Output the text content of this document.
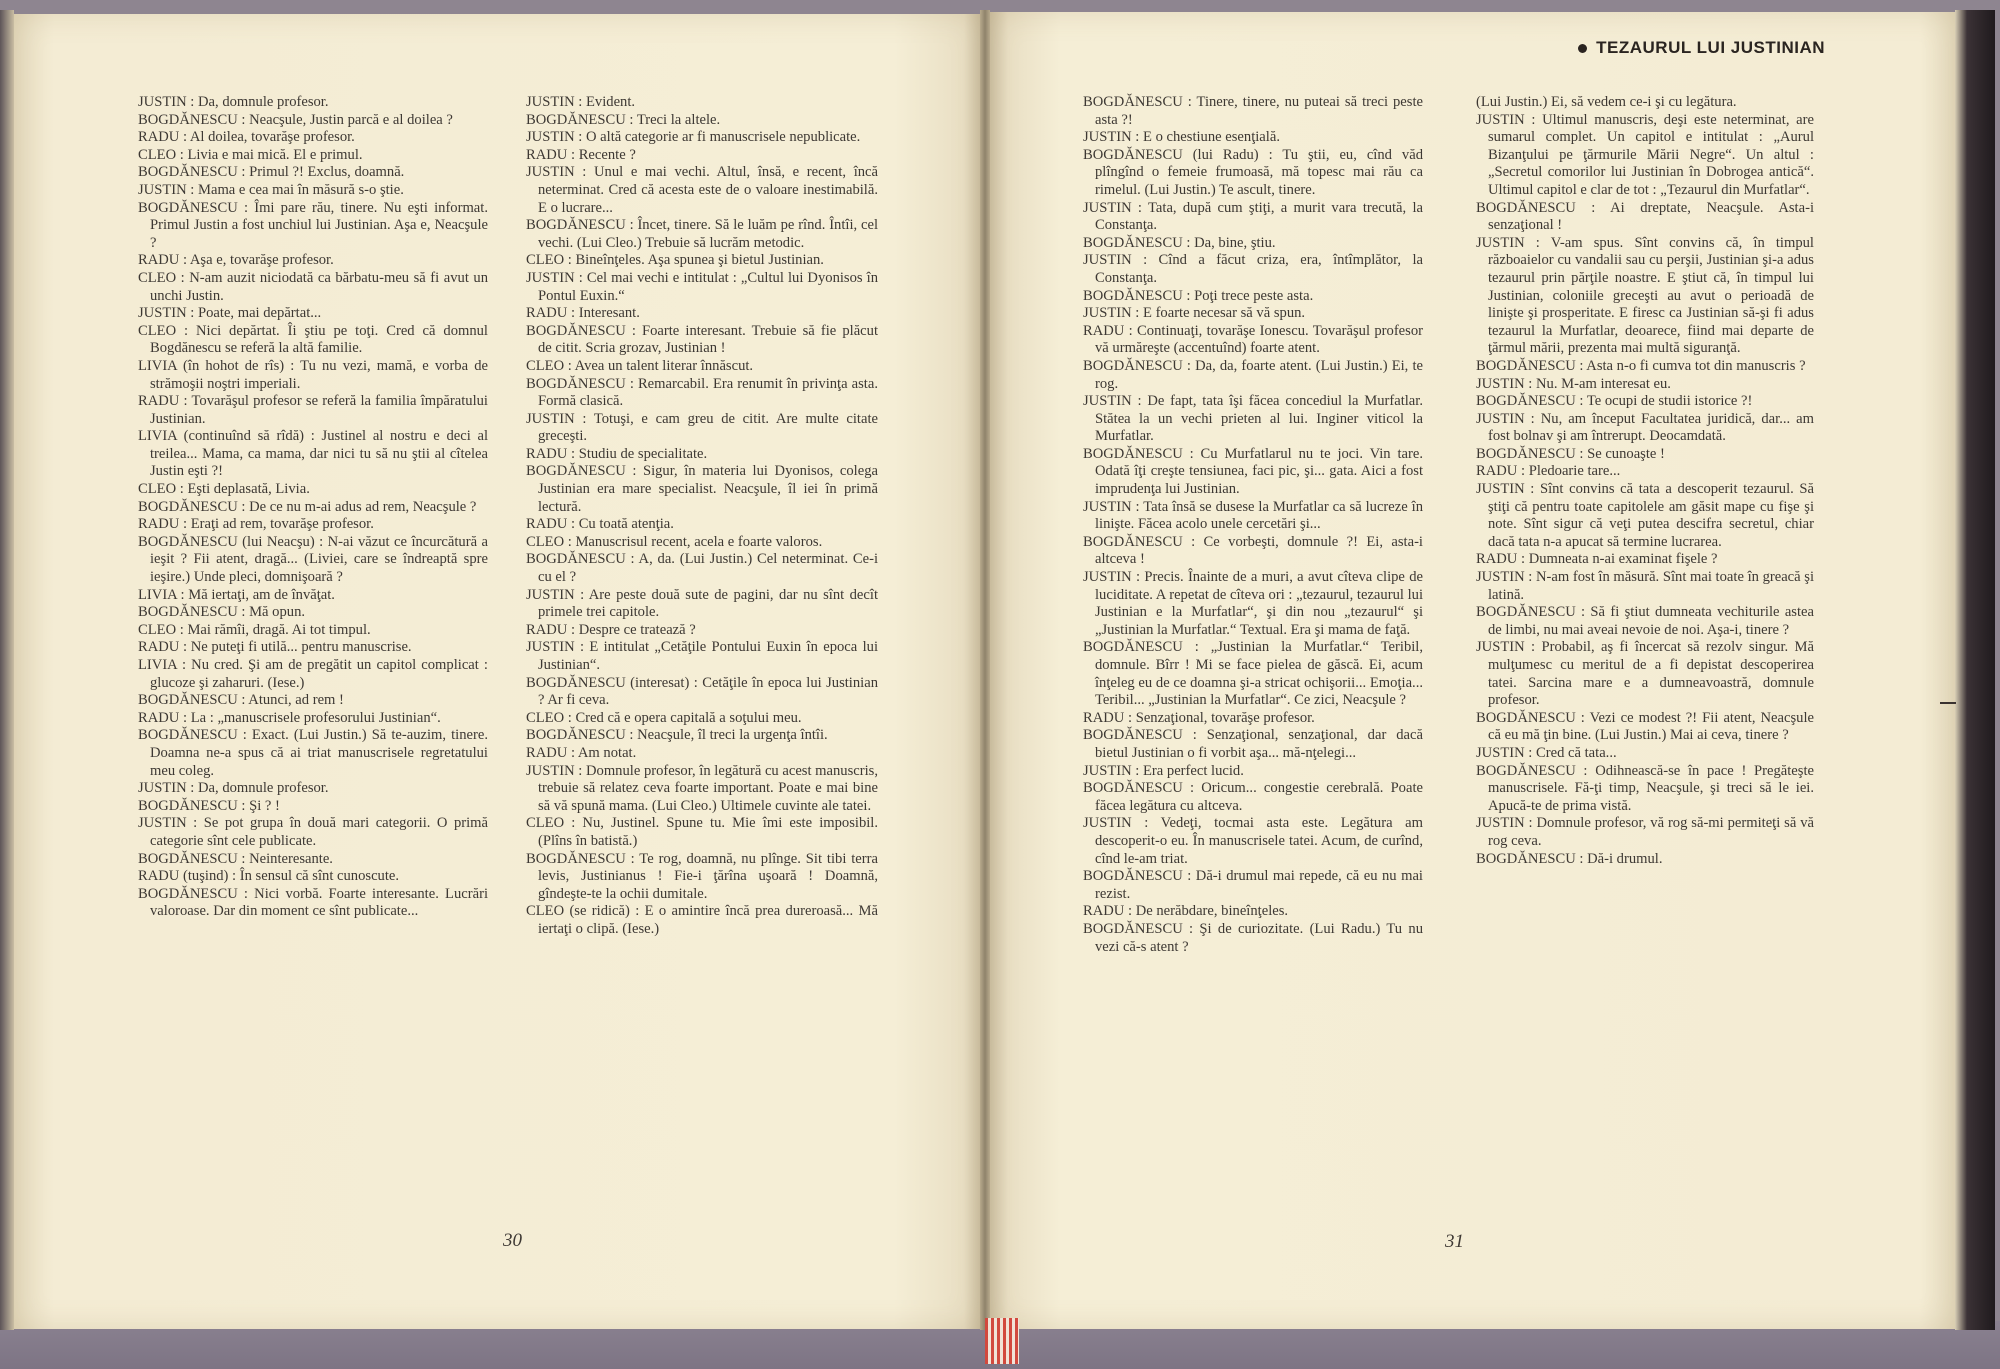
TEZAURUL LUI JUSTINIAN

JUSTIN : Da, domnule profesor.

BOGDĂNESCU : Neacşule, Justin parcă e al doilea ?

RADU : Al doilea, tovarăşe profesor.

CLEO : Livia e mai mică. El e primul.

BOGDĂNESCU : Primul ?! Exclus, doamnă.

JUSTIN : Mama e cea mai în măsură s-o ştie.

BOGDĂNESCU : Îmi pare rău, tinere. Nu eşti informat. Primul Justin a fost unchiul lui Justinian. Aşa e, Neacşule ?

RADU : Aşa e, tovarăşe profesor.

CLEO : N-am auzit niciodată ca bărbatu-meu să fi avut un unchi Justin.

JUSTIN : Poate, mai depărtat...

CLEO : Nici depărtat. Îi ştiu pe toţi. Cred că domnul Bogdănescu se referă la altă familie.

LIVIA (în hohot de rîs) : Tu nu vezi, mamă, e vorba de strămoşii noştri imperiali.

RADU : Tovarăşul profesor se referă la familia împăratului Justinian.

LIVIA (continuînd să rîdă) : Justinel al nostru e deci al treilea... Mama, ca mama, dar nici tu să nu ştii al cîtelea Justin eşti ?!

CLEO : Eşti deplasată, Livia.

BOGDĂNESCU : De ce nu m-ai adus ad rem, Neacşule ?

RADU : Eraţi ad rem, tovarăşe profesor.

BOGDĂNESCU (lui Neacşu) : N-ai văzut ce încurcătură a ieşit ? Fii atent, dragă... (Liviei, care se îndreaptă spre ieşire.) Unde pleci, domnişoară ?

LIVIA : Mă iertaţi, am de învăţat.

BOGDĂNESCU : Mă opun.

CLEO : Mai rămîi, dragă. Ai tot timpul.

RADU : Ne puteţi fi utilă... pentru manuscrise.

LIVIA : Nu cred. Şi am de pregătit un capitol complicat : glucoze şi zaharuri. (Iese.)

BOGDĂNESCU : Atunci, ad rem !

RADU : La : „manuscrisele profesorului Justinian“.

BOGDĂNESCU : Exact. (Lui Justin.) Să te-auzim, tinere. Doamna ne-a spus că ai triat manuscrisele regretatului meu coleg.

JUSTIN : Da, domnule profesor.

BOGDĂNESCU : Şi ? !

JUSTIN : Se pot grupa în două mari categorii. O primă categorie sînt cele publicate.

BOGDĂNESCU : Neinteresante.

RADU (tuşind) : În sensul că sînt cunoscute.

BOGDĂNESCU : Nici vorbă. Foarte interesante. Lucrări valoroase. Dar din moment ce sînt publicate...

JUSTIN : Evident.

BOGDĂNESCU : Treci la altele.

JUSTIN : O altă categorie ar fi manuscrisele nepublicate.

RADU : Recente ?

JUSTIN : Unul e mai vechi. Altul, însă, e recent, încă neterminat. Cred că acesta este de o valoare inestimabilă. E o lucrare...

BOGDĂNESCU : Încet, tinere. Să le luăm pe rînd. Întîi, cel vechi. (Lui Cleo.) Trebuie să lucrăm metodic.

CLEO : Bineînţeles. Aşa spunea şi bietul Justinian.

JUSTIN : Cel mai vechi e intitulat : „Cultul lui Dyonisos în Pontul Euxin.“

RADU : Interesant.

BOGDĂNESCU : Foarte interesant. Trebuie să fie plăcut de citit. Scria grozav, Justinian !

CLEO : Avea un talent literar înnăscut.

BOGDĂNESCU : Remarcabil. Era renumit în privinţa asta. Formă clasică.

JUSTIN : Totuşi, e cam greu de citit. Are multe citate greceşti.

RADU : Studiu de specialitate.

BOGDĂNESCU : Sigur, în materia lui Dyonisos, colega Justinian era mare specialist. Neacşule, îl iei în primă lectură.

RADU : Cu toată atenţia.

CLEO : Manuscrisul recent, acela e foarte valoros.

BOGDĂNESCU : A, da. (Lui Justin.) Cel neterminat. Ce-i cu el ?

JUSTIN : Are peste două sute de pagini, dar nu sînt decît primele trei capitole.

RADU : Despre ce tratează ?

JUSTIN : E intitulat „Cetăţile Pontului Euxin în epoca lui Justinian“.

BOGDĂNESCU (interesat) : Cetăţile în epoca lui Justinian ? Ar fi ceva.

CLEO : Cred că e opera capitală a soţului meu.

BOGDĂNESCU : Neacşule, îl treci la urgenţa întîi.

RADU : Am notat.

JUSTIN : Domnule profesor, în legătură cu acest manuscris, trebuie să relatez ceva foarte important. Poate e mai bine să vă spună mama. (Lui Cleo.) Ultimele cuvinte ale tatei.

CLEO : Nu, Justinel. Spune tu. Mie îmi este imposibil. (Plîns în batistă.)

BOGDĂNESCU : Te rog, doamnă, nu plînge. Sit tibi terra levis, Justinianus ! Fie-i ţărîna uşoară ! Doamnă, gîndeşte-te la ochii dumitale.

CLEO (se ridică) : E o amintire încă prea dureroasă... Mă iertaţi o clipă. (Iese.)

BOGDĂNESCU : Tinere, tinere, nu puteai să treci peste asta ?!

JUSTIN : E o chestiune esenţială.

BOGDĂNESCU (lui Radu) : Tu ştii, eu, cînd văd plîngînd o femeie frumoasă, mă topesc mai rău ca rimelul. (Lui Justin.) Te ascult, tinere.

JUSTIN : Tata, după cum ştiţi, a murit vara trecută, la Constanţa.

BOGDĂNESCU : Da, bine, ştiu.

JUSTIN : Cînd a făcut criza, era, întîmplător, la Constanţa.

BOGDĂNESCU : Poţi trece peste asta.

JUSTIN : E foarte necesar să vă spun.

RADU : Continuaţi, tovarăşe Ionescu. Tovarăşul profesor vă urmăreşte (accentuînd) foarte atent.

BOGDĂNESCU : Da, da, foarte atent. (Lui Justin.) Ei, te rog.

JUSTIN : De fapt, tata îşi făcea concediul la Murfatlar. Stătea la un vechi prieten al lui. Inginer viticol la Murfatlar.

BOGDĂNESCU : Cu Murfatlarul nu te joci. Vin tare. Odată îţi creşte tensiunea, faci pic, şi... gata. Aici a fost imprudenţa lui Justinian.

JUSTIN : Tata însă se dusese la Murfatlar ca să lucreze în linişte. Făcea acolo unele cercetări şi...

BOGDĂNESCU : Ce vorbeşti, domnule ?! Ei, asta-i altceva !

JUSTIN : Precis. Înainte de a muri, a avut cîteva clipe de luciditate. A repetat de cîteva ori : „tezaurul, tezaurul lui Justinian e la Murfatlar“, şi din nou „tezaurul“ şi „Justinian la Murfatlar.“ Textual. Era şi mama de faţă.

BOGDĂNESCU : „Justinian la Murfatlar.“ Teribil, domnule. Bîrr ! Mi se face pielea de găscă. Ei, acum înţeleg eu de ce doamna şi-a stricat ochişorii... Emoţia... Teribil... „Justinian la Murfatlar“. Ce zici, Neacşule ?

RADU : Senzaţional, tovarăşe profesor.

BOGDĂNESCU : Senzaţional, senzaţional, dar dacă bietul Justinian o fi vorbit aşa... mă-nţelegi...

JUSTIN : Era perfect lucid.

BOGDĂNESCU : Oricum... congestie cerebrală. Poate făcea legătura cu altceva.

JUSTIN : Vedeţi, tocmai asta este. Legătura am descoperit-o eu. În manuscrisele tatei. Acum, de curînd, cînd le-am triat.

BOGDĂNESCU : Dă-i drumul mai repede, că eu nu mai rezist.

RADU : De nerăbdare, bineînţeles.

BOGDĂNESCU : Şi de curiozitate. (Lui Radu.) Tu nu vezi că-s atent ?

(Lui Justin.) Ei, să vedem ce-i şi cu legătura.

JUSTIN : Ultimul manuscris, deşi este neterminat, are sumarul complet. Un capitol e intitulat : „Aurul Bizanţului pe ţărmurile Mării Negre“. Un altul : „Secretul comorilor lui Justinian în Dobrogea antică“. Ultimul capitol e clar de tot : „Tezaurul din Murfatlar“.

BOGDĂNESCU : Ai dreptate, Neacşule. Asta-i senzaţional !

JUSTIN : V-am spus. Sînt convins că, în timpul războaielor cu vandalii sau cu perşii, Justinian şi-a adus tezaurul prin părţile noastre. E ştiut că, în timpul lui Justinian, coloniile greceşti au avut o perioadă de linişte şi prosperitate. E firesc ca Justinian să-şi fi adus tezaurul la Murfatlar, deoarece, fiind mai departe de ţărmul mării, prezenta mai multă siguranţă.

BOGDĂNESCU : Asta n-o fi cumva tot din manuscris ?

JUSTIN : Nu. M-am interesat eu.

BOGDĂNESCU : Te ocupi de studii istorice ?!

JUSTIN : Nu, am început Facultatea juridică, dar... am fost bolnav şi am întrerupt. Deocamdată.

BOGDĂNESCU : Se cunoaşte !

RADU : Pledoarie tare...

JUSTIN : Sînt convins că tata a descoperit tezaurul. Să ştiţi că pentru toate capitolele am găsit mape cu fişe şi note. Sînt sigur că veţi putea descifra secretul, chiar dacă tata n-a apucat să termine lucrarea.

RADU : Dumneata n-ai examinat fişele ?

JUSTIN : N-am fost în măsură. Sînt mai toate în greacă şi latină.

BOGDĂNESCU : Să fi ştiut dumneata vechiturile astea de limbi, nu mai aveai nevoie de noi. Aşa-i, tinere ?

JUSTIN : Probabil, aş fi încercat să rezolv singur. Mă mulţumesc cu meritul de a fi depistat descoperirea tatei. Sarcina mare e a dumneavoastră, domnule profesor.

BOGDĂNESCU : Vezi ce modest ?! Fii atent, Neacşule că eu mă ţin bine. (Lui Justin.) Mai ai ceva, tinere ?

JUSTIN : Cred că tata...

BOGDĂNESCU : Odihnească-se în pace ! Pregăteşte manuscrisele. Fă-ţi timp, Neacşule, şi treci să le iei. Apucă-te de prima vistă.

JUSTIN : Domnule profesor, vă rog să-mi permiteţi să vă rog ceva.

BOGDĂNESCU : Dă-i drumul.

30	31
